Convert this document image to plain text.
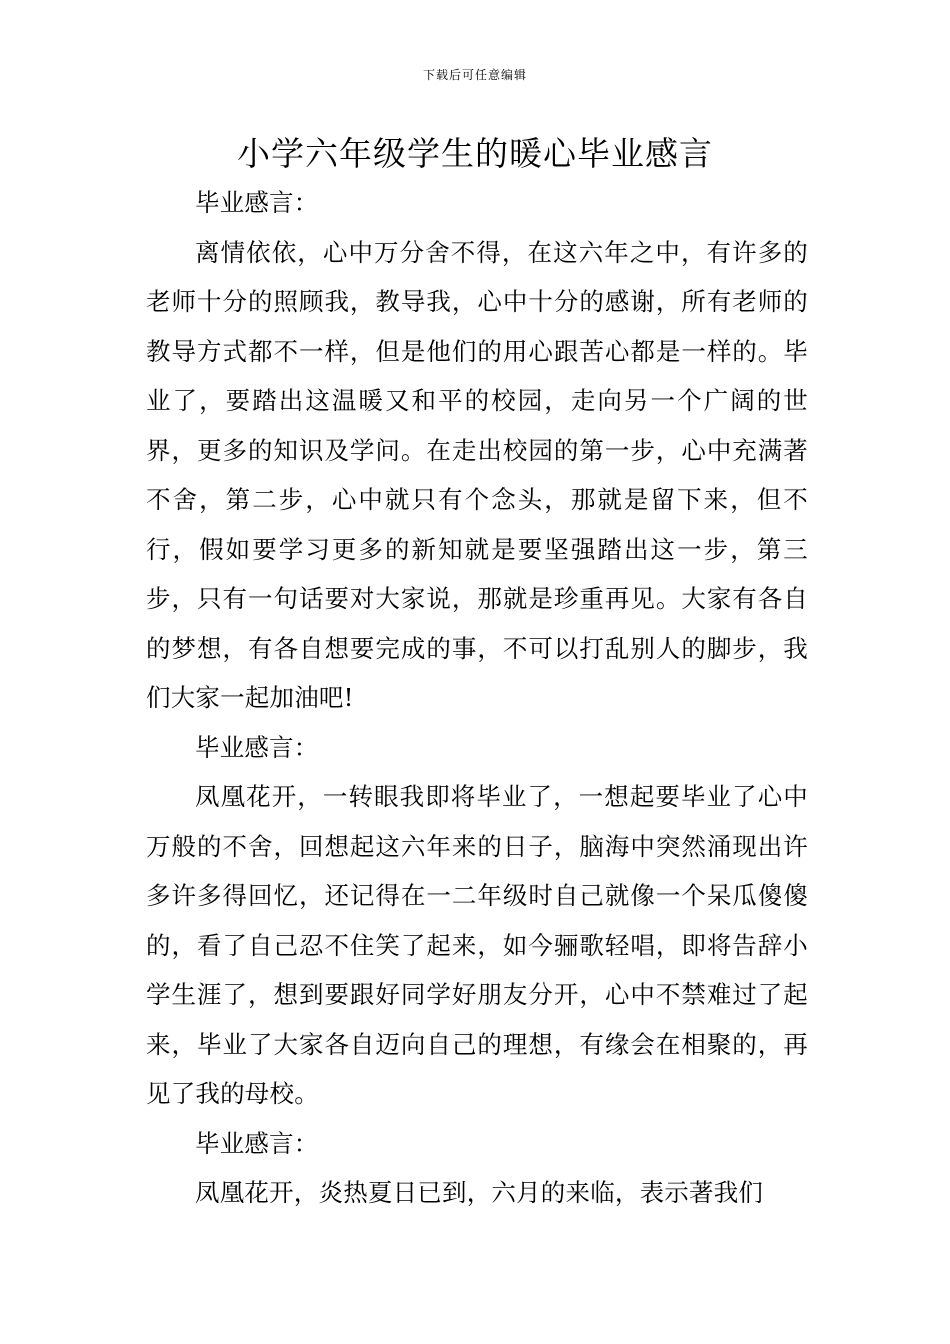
下载后可任意编辑
小学六年级学生的暖心毕业感言

毕业感言：

离情依依，心中万分舍不得，在这六年之中，有许多的老师十分的照顾我，教导我，心中十分的感谢，所有老师的教导方式都不一样，但是他们的用心跟苦心都是一样的。毕业了，要踏出这温暖又和平的校园，走向另一个广阔的世界，更多的知识及学问。在走出校园的第一步，心中充满著不舍，第二步，心中就只有个念头，那就是留下来，但不行，假如要学习更多的新知就是要坚强踏出这一步，第三步，只有一句话要对大家说，那就是珍重再见。大家有各自的梦想，有各自想要完成的事，不可以打乱别人的脚步，我们大家一起加油吧!

毕业感言：

凤凰花开，一转眼我即将毕业了，一想起要毕业了心中万般的不舍，回想起这六年来的日子，脑海中突然涌现出许多许多得回忆，还记得在一二年级时自己就像一个呆瓜傻傻的，看了自己忍不住笑了起来，如今骊歌轻唱，即将告辞小学生涯了，想到要跟好同学好朋友分开，心中不禁难过了起来，毕业了大家各自迈向自己的理想，有缘会在相聚的，再见了我的母校。

毕业感言：

凤凰花开，炎热夏日已到，六月的来临，表示著我们
